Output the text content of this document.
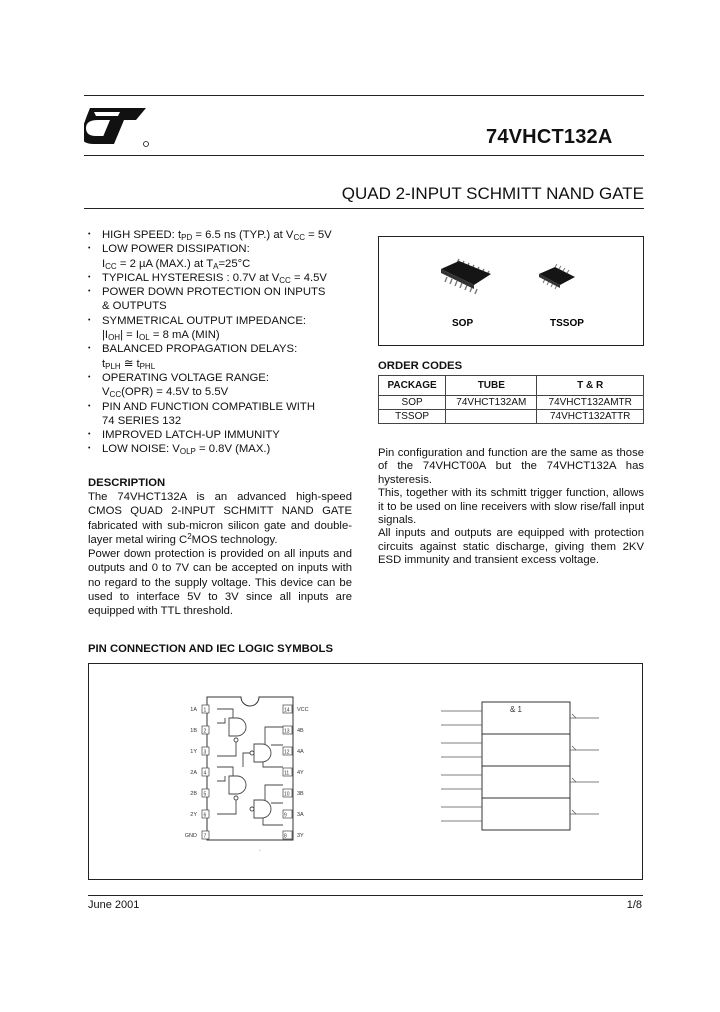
74VHCT132A
QUAD 2-INPUT SCHMITT NAND GATE
• HIGH SPEED: $t_{PD} = 6.5$ ns (TYP.) at $V_{CC} = 5V$
• LOW POWER DISSIPATION:
$I_{CC} = 2$ µA (MAX.) at $T_A=25^\circ C$
• TYPICAL HYSTERESIS : 0.7V at $V_{CC} = 4.5V$
• POWER DOWN PROTECTION ON INPUTS
& OUTPUTS
• SYMMETRICAL OUTPUT IMPEDANCE:
$|I_{OH}| = I_{OL} = 8$ mA (MIN)
• BALANCED PROPAGATION DELAYS:
$t_{PLH}$ ≅ $t_{PHL}$
• OPERATING VOLTAGE RANGE:
$V_{CC}(OPR) = 4.5V$ to 5.5V
• PIN AND FUNCTION COMPATIBLE WITH
74 SERIES 132
• IMPROVED LATCH-UP IMMUNITY
• LOW NOISE: $V_{OLP} = 0.8V$ (MAX.)
DESCRIPTION
The 74VHCT132A is an advanced high-speed CMOS QUAD 2-INPUT SCHMITT NAND GATE fabricated with sub-micron silicon gate and double-layer metal wiring $C^2MOS$ technology.
Power down protection is provided on all inputs and outputs and 0 to 7V can be accepted on inputs with no regard to the supply voltage. This device can be used to interface 5V to 3V since all inputs are equipped with TTL threshold.
SOP	TSSOP
ORDER CODES
PACKAGE	TUBE	T & R
SOP	74VHCT132AM	74VHCT132AMTR
TSSOP		74VHCT132ATTR
Pin configuration and function are the same as those of the 74VHCT00A but the 74VHCT132A has hysteresis.
This, together with its schmitt trigger function, allows it to be used on line receivers with slow rise/fall input signals.
All inputs and outputs are equipped with protection circuits against static discharge, giving them 2KV ESD immunity and transient excess voltage.
PIN CONNECTION AND IEC LOGIC SYMBOLS
1
1A	14 VCC
2
1B	13 4B
3
1Y	12 4A
4
2A	11 4Y
5
2B	10 3B
6
2Y	9 3A
7
GND	8 3Y
*
& 1
June 2001	1/8
